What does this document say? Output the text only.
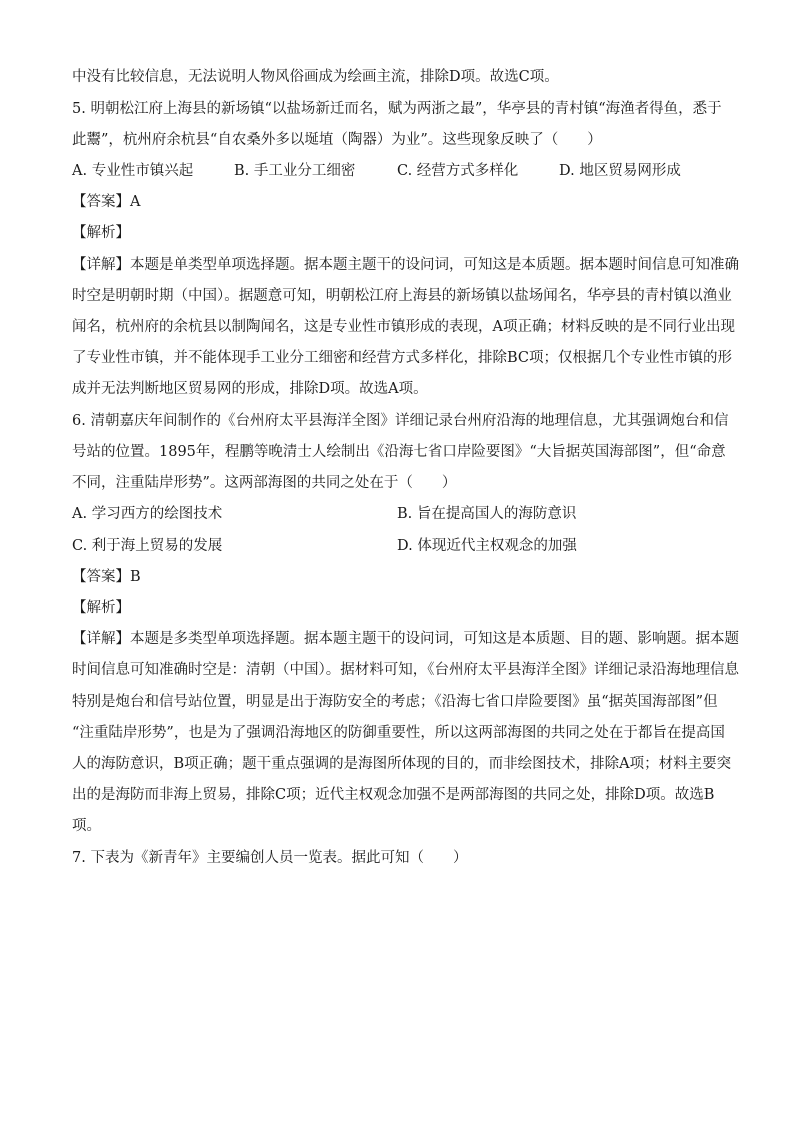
中没有比较信息，无法说明人物风俗画成为绘画主流，排除D项。故选C项。
5. 明朝松江府上海县的新场镇“以盐场新迁而名，赋为两浙之最”，华亭县的青村镇“海渔者得鱼，悉于
此鬻”，杭州府余杭县“自农桑外多以埏埴（陶器）为业”。这些现象反映了（　　）
A. 专业性市镇兴起	B. 手工业分工细密	C. 经营方式多样化	D. 地区贸易网形成
【答案】A
【解析】
【详解】本题是单类型单项选择题。据本题主题干的设问词，可知这是本质题。据本题时间信息可知准确
时空是明朝时期（中国）。据题意可知，明朝松江府上海县的新场镇以盐场闻名，华亭县的青村镇以渔业
闻名，杭州府的余杭县以制陶闻名，这是专业性市镇形成的表现，A项正确；材料反映的是不同行业出现
了专业性市镇，并不能体现手工业分工细密和经营方式多样化，排除BC项；仅根据几个专业性市镇的形
成并无法判断地区贸易网的形成，排除D项。故选A项。
6. 清朝嘉庆年间制作的《台州府太平县海洋全图》详细记录台州府沿海的地理信息，尤其强调炮台和信
号站的位置。1895年，程鹏等晚清士人绘制出《沿海七省口岸险要图》“大旨据英国海部图”，但“命意
不同，注重陆岸形势”。这两部海图的共同之处在于（　　）
A. 学习西方的绘图技术	B. 旨在提高国人的海防意识
C. 利于海上贸易的发展	D. 体现近代主权观念的加强
【答案】B
【解析】
【详解】本题是多类型单项选择题。据本题主题干的设问词，可知这是本质题、目的题、影响题。据本题
时间信息可知准确时空是：清朝（中国）。据材料可知，《台州府太平县海洋全图》详细记录沿海地理信息
特别是炮台和信号站位置，明显是出于海防安全的考虑；《沿海七省口岸险要图》虽“据英国海部图”但
“注重陆岸形势”，也是为了强调沿海地区的防御重要性，所以这两部海图的共同之处在于都旨在提高国
人的海防意识，B项正确；题干重点强调的是海图所体现的目的，而非绘图技术，排除A项；材料主要突
出的是海防而非海上贸易，排除C项；近代主权观念加强不是两部海图的共同之处，排除D项。故选B
项。
7. 下表为《新青年》主要编创人员一览表。据此可知（　　）
